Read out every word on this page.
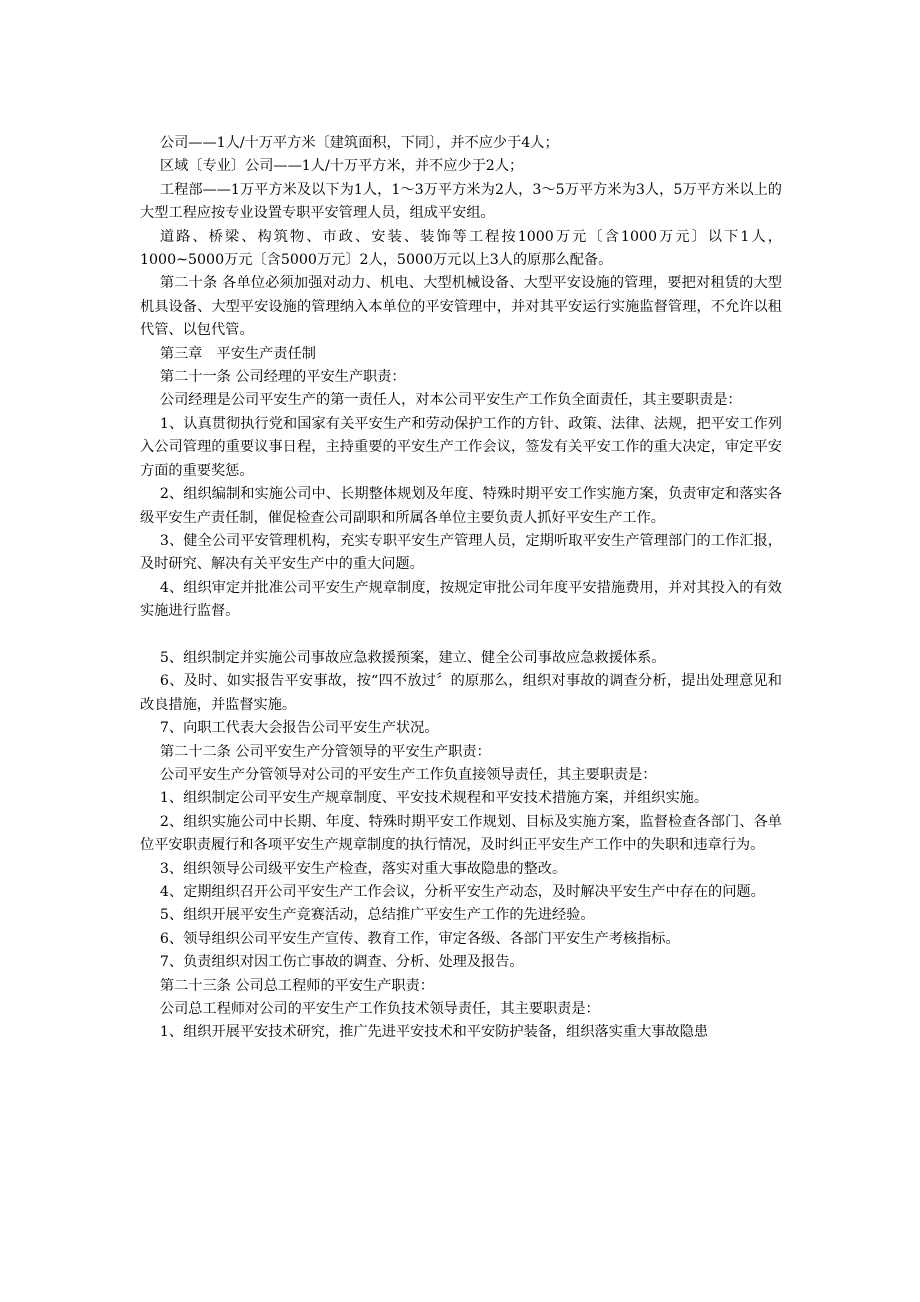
公司——1人/十万平方米〔建筑面积，下同〕，并不应少于4人；

区域〔专业〕公司——1人/十万平方米，并不应少于2人；

工程部——1万平方米及以下为1人，1～3万平方米为2人，3～5万平方米为3人，5万平方米以上的大型工程应按专业设置专职平安管理人员，组成平安组。

道路、桥梁、构筑物、市政、安装、装饰等工程按1000万元〔含1000万元〕以下1人，1000~5000万元〔含5000万元〕2人，5000万元以上3人的原那么配备。

第二十条 各单位必须加强对动力、机电、大型机械设备、大型平安设施的管理，要把对租赁的大型机具设备、大型平安设施的管理纳入本单位的平安管理中，并对其平安运行实施监督管理，不允许以租代管、以包代管。

第三章　平安生产责任制

第二十一条 公司经理的平安生产职责：

公司经理是公司平安生产的第一责任人，对本公司平安生产工作负全面责任，其主要职责是：

1、认真贯彻执行党和国家有关平安生产和劳动保护工作的方针、政策、法律、法规，把平安工作列入公司管理的重要议事日程，主持重要的平安生产工作会议，签发有关平安工作的重大决定，审定平安方面的重要奖惩。

2、组织编制和实施公司中、长期整体规划及年度、特殊时期平安工作实施方案，负责审定和落实各级平安生产责任制，催促检查公司副职和所属各单位主要负责人抓好平安生产工作。

3、健全公司平安管理机构，充实专职平安生产管理人员，定期听取平安生产管理部门的工作汇报，及时研究、解决有关平安生产中的重大问题。

4、组织审定并批准公司平安生产规章制度，按规定审批公司年度平安措施费用，并对其投入的有效实施进行监督。

5、组织制定并实施公司事故应急救援预案，建立、健全公司事故应急救援体系。

6、及时、如实报告平安事故，按“四不放过〞的原那么，组织对事故的调查分析，提出处理意见和改良措施，并监督实施。

7、向职工代表大会报告公司平安生产状况。

第二十二条 公司平安生产分管领导的平安生产职责：

公司平安生产分管领导对公司的平安生产工作负直接领导责任，其主要职责是：

1、组织制定公司平安生产规章制度、平安技术规程和平安技术措施方案，并组织实施。

2、组织实施公司中长期、年度、特殊时期平安工作规划、目标及实施方案，监督检查各部门、各单位平安职责履行和各项平安生产规章制度的执行情况，及时纠正平安生产工作中的失职和违章行为。

3、组织领导公司级平安生产检查，落实对重大事故隐患的整改。

4、定期组织召开公司平安生产工作会议，分析平安生产动态，及时解决平安生产中存在的问题。

5、组织开展平安生产竞赛活动，总结推广平安生产工作的先进经验。

6、领导组织公司平安生产宣传、教育工作，审定各级、各部门平安生产考核指标。

7、负责组织对因工伤亡事故的调查、分析、处理及报告。

第二十三条 公司总工程师的平安生产职责：

公司总工程师对公司的平安生产工作负技术领导责任，其主要职责是：

1、组织开展平安技术研究，推广先进平安技术和平安防护装备，组织落实重大事故隐患
